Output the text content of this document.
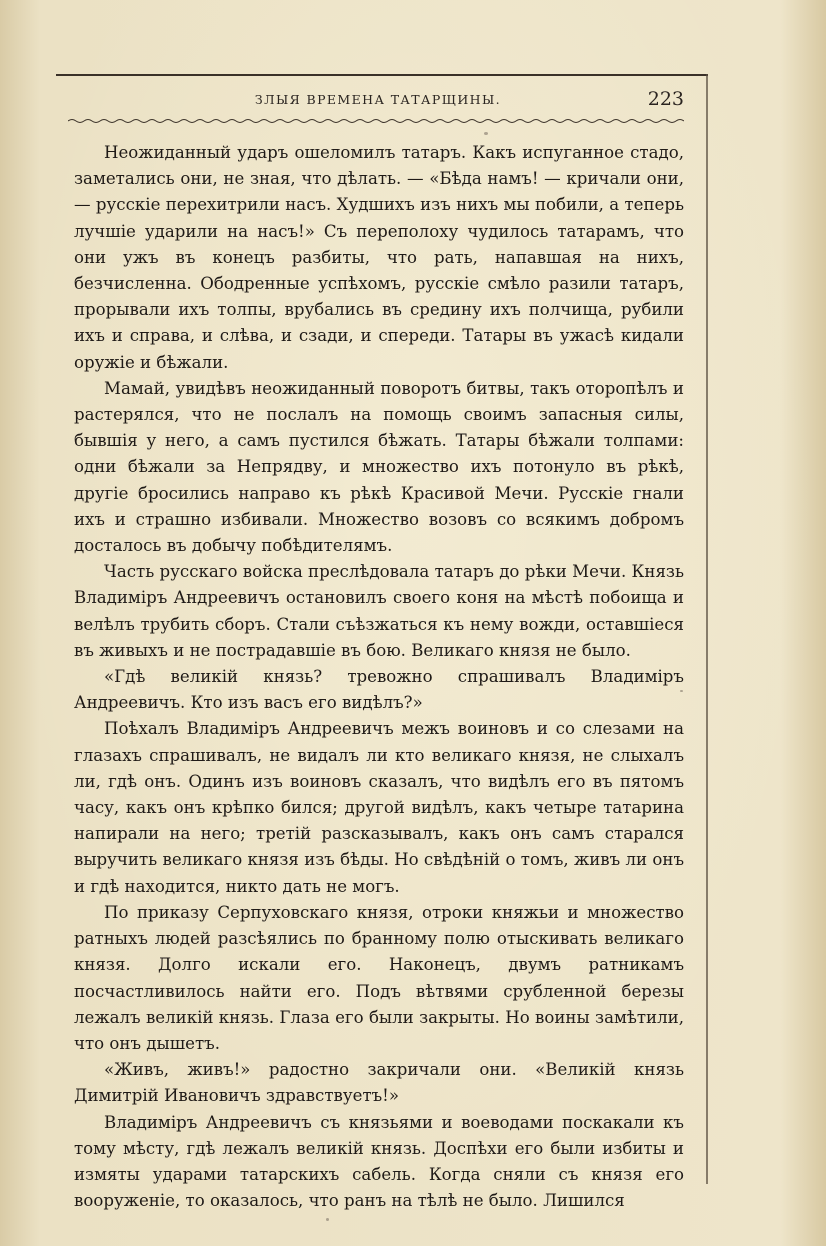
ЗЛЫЯ ВРЕМЕНА ТАТАРЩИНЫ.	223

Неожиданный ударъ ошеломилъ татаръ. Какъ испуганное стадо, заметались они, не зная, что дѣлать. — «Бѣда намъ! — кричали они, — русскіе перехитрили насъ. Худшихъ изъ нихъ мы побили, а теперь лучшіе ударили на насъ!» Съ переполоху чудилось татарамъ, что они ужъ въ конецъ разбиты, что рать, напавшая на нихъ, безчисленна. Ободренные успѣхомъ, русскіе смѣло разили татаръ, прорывали ихъ толпы, врубались въ средину ихъ полчища, рубили ихъ и справа, и слѣва, и сзади, и спереди. Татары въ ужасѣ кидали оружіе и бѣжали.

Мамай, увидѣвъ неожиданный поворотъ битвы, такъ оторопѣлъ и растерялся, что не послалъ на помощь своимъ запасныя силы, бывшія у него, а самъ пустился бѣжать. Татары бѣжали толпами: одни бѣжали за Непрядву, и множество ихъ потонуло въ рѣкѣ, другіе бросились направо къ рѣкѣ Красивой Мечи. Русскіе гнали ихъ и страшно избивали. Множество возовъ со всякимъ добромъ досталось въ добычу побѣдителямъ.

Часть русскаго войска преслѣдовала татаръ до рѣки Мечи. Князь Владиміръ Андреевичъ остановилъ своего коня на мѣстѣ побоища и велѣлъ трубить сборъ. Стали съѣзжаться къ нему вожди, оставшіеся въ живыхъ и не пострадавшіе въ бою. Великаго князя не было.

«Гдѣ великій князь? тревожно спрашивалъ Владиміръ Андреевичъ. Кто изъ васъ его видѣлъ?»

Поѣхалъ Владиміръ Андреевичъ межъ воиновъ и со слезами на глазахъ спрашивалъ, не видалъ ли кто великаго князя, не слыхалъ ли, гдѣ онъ. Одинъ изъ воиновъ сказалъ, что видѣлъ его въ пятомъ часу, какъ онъ крѣпко бился; другой видѣлъ, какъ четыре татарина напирали на него; третій разсказывалъ, какъ онъ самъ старался выручить великаго князя изъ бѣды. Но свѣдѣній о томъ, живъ ли онъ и гдѣ находится, никто дать не могъ.

По приказу Серпуховскаго князя, отроки княжьи и множество ратныхъ людей разсѣялись по бранному полю отыскивать великаго князя. Долго искали его. Наконецъ, двумъ ратникамъ посчастливилось найти его. Подъ вѣтвями срубленной березы лежалъ великій князь. Глаза его были закрыты. Но воины замѣтили, что онъ дышетъ.

«Живъ, живъ!» радостно закричали они. «Великій князь Димитрій Ивановичъ здравствуетъ!»

Владиміръ Андреевичъ съ князьями и воеводами поскакали къ тому мѣсту, гдѣ лежалъ великій князь. Доспѣхи его были избиты и измяты ударами татарскихъ сабель. Когда сняли съ князя его вооруженіе, то оказалось, что ранъ на тѣлѣ не было. Лишился
